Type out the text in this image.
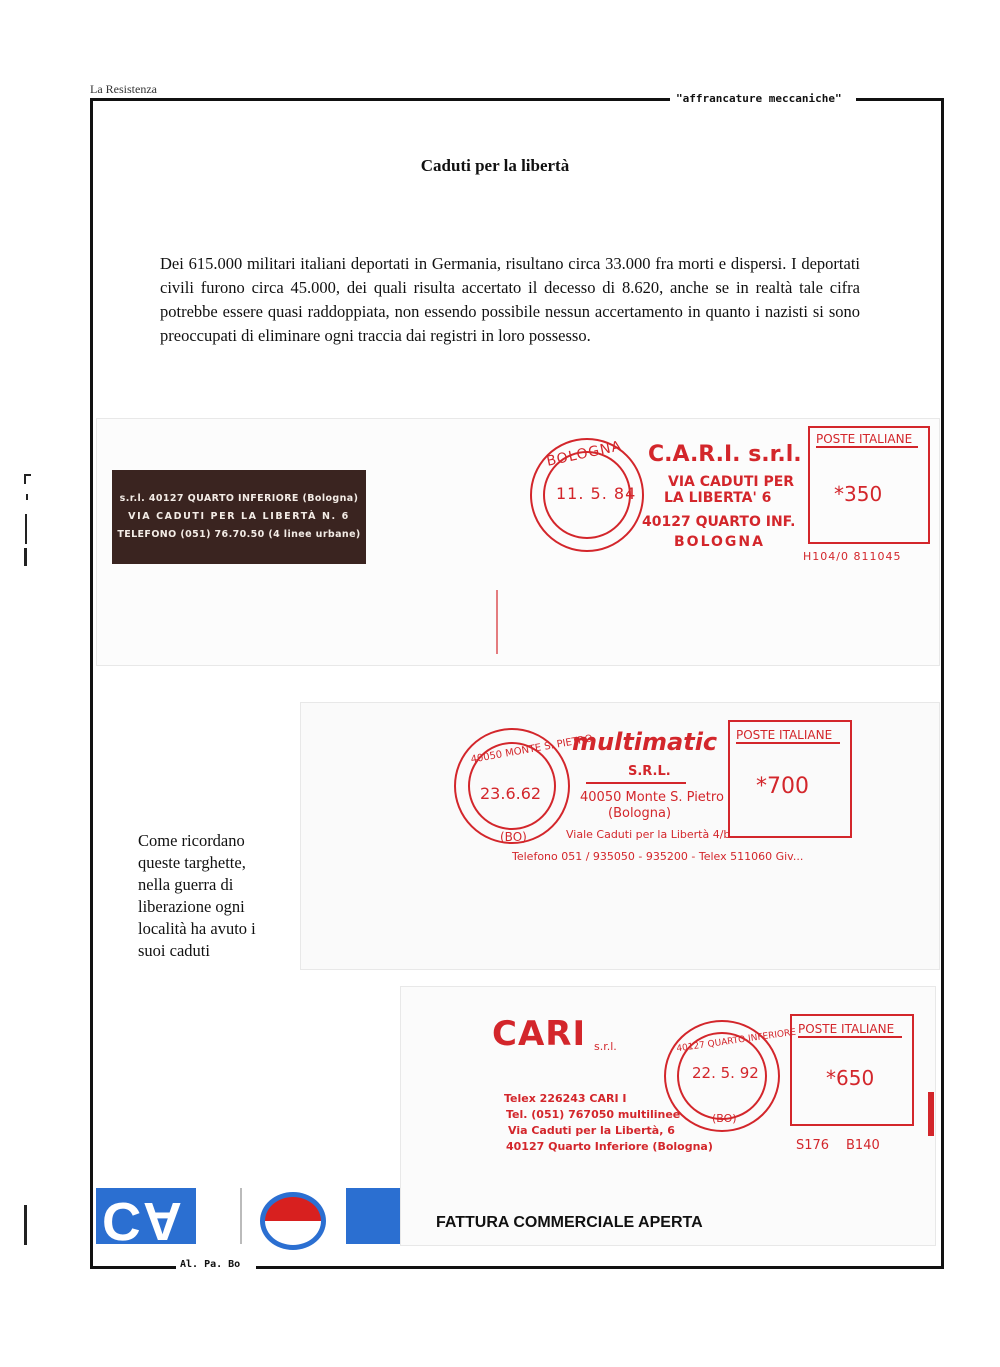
La Resistenza
"affrancature meccaniche"
Al. Pa. Bo
Caduti per la libertà
Dei 615.000 militari italiani deportati in Germania, risultano circa 33.000 fra morti e dispersi. I deportati civili furono circa 45.000, dei quali risulta accertato il decesso di 8.620, anche se in realtà tale cifra potrebbe essere quasi raddoppiata, non essendo possibile nessun accertamento in quanto i nazisti si sono preoccupati di eliminare ogni traccia dai registri in loro possesso.
s.r.l. 40127 QUARTO INFERIORE (Bologna)
VIA CADUTI PER LA LIBERTÀ N. 6
TELEFONO (051) 76.70.50 (4 linee urbane)
BOLOGNA
11. 5. 84
C.A.R.I. s.r.l.
VIA CADUTI PER
LA LIBERTA' 6
40127 QUARTO INF.
BOLOGNA
POSTE ITALIANE
*350
H104/0 811045
40050 MONTE S. PIETRO
23.6.62
(BO)
multimatic
S.R.L.
40050 Monte S. Pietro
(Bologna)
Viale Caduti per la Libertà 4/b
Telefono 051 / 935050 - 935200 - Telex 511060 Giv...
POSTE ITALIANE
*700
Come ricordano queste targhette, nella guerra di liberazione ogni località ha avuto i suoi caduti
CARI s.r.l.
Telex 226243 CARI I
Tel. (051) 767050 multilinee
Via Caduti per la Libertà, 6
40127 Quarto Inferiore (Bologna)
40127 QUARTO INFERIORE
22. 5. 92
(BO)
POSTE ITALIANE
*650
S176 B140
CA	FATTURA COMMERCIALE APERTA
